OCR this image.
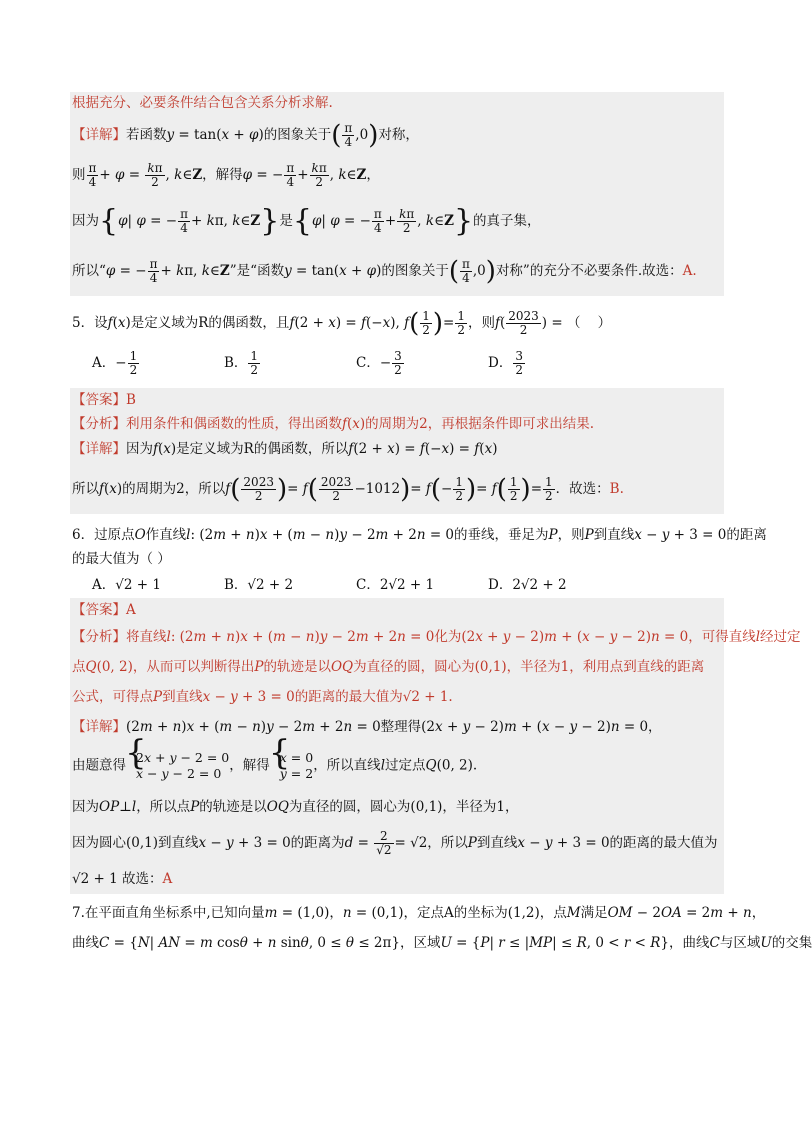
根据充分、必要条件结合包含关系分析求解.
【详解】若函数y = tan(x + φ)的图象关于( $\frac{\pi}{4} ,0$)对称，
则 $\frac{\pi}{4} + \varphi = \frac{k\pi}{2}$ , k∈Z，解得φ = − $\frac{\pi}{4} + \frac{k\pi}{2}$ , k∈Z，
因为{φ| φ = − $\frac{\pi}{4} + k\pi$, k∈Z}是{φ| φ = − $\frac{\pi}{4} + \frac{k\pi}{2}$ , k∈Z}的真子集，
所以“φ = − $\frac{\pi}{4} + k\pi$, k∈Z”是“函数y = tan(x + φ)的图象关于( $\frac{\pi}{4} ,0$)对称”的充分不必要条件.故选：A.
5．设f(x)是定义域为R的偶函数，且f(2 + x) = f(−x), $f( \frac{1}{2}$ )= $\frac{1}{2}$ ，则$f( \frac{2023}{2}$ ) = （    ）
A．− $\frac{1}{2}$	B． $\frac{1}{2}$	C．− $\frac{3}{2}$	D． $\frac{3}{2}$
【答案】B
【分析】利用条件和偶函数的性质，得出函数f(x)的周期为2，再根据条件即可求出结果.
【详解】因为f(x)是定义域为R的偶函数，所以f(2 + x) = f(−x) = f(x)
所以f(x)的周期为2，所以$f( \frac{2023}{2}$ )= $f( \frac{2023}{2} -1012)= f(- \frac{1}{2}$ )= $f( \frac{1}{2}$ )= $\frac{1}{2}$ ．故选：B.
6．过原点O作直线l: (2m + n)x + (m − n)y − 2m + 2n = 0的垂线，垂足为P，则P到直线x − y + 3 = 0的距离
的最大值为（ ）
A．√2 + 1	B．√2 + 2	C．2√2 + 1	D．2√2 + 2
【答案】A
【分析】将直线l: (2m + n)x + (m − n)y − 2m + 2n = 0化为(2x + y − 2)m + (x − y − 2)n = 0，可得直线l经过定
点Q(0, 2)，从而可以判断得出P的轨迹是以OQ为直径的圆，圆心为(0,1)，半径为1，利用点到直线的距离
公式，可得点P到直线x − y + 3 = 0的距离的最大值为√2 + 1.
【详解】(2m + n)x + (m − n)y − 2m + 2n = 0整理得(2x + y − 2)m + (x − y − 2)n = 0，
由题意得 { 2x + y − 2 = 0
x − y − 2 = 0 ，解得 { x = 0
y = 2 ，所以直线l过定点Q(0, 2).
因为OP⊥l，所以点P的轨迹是以OQ为直径的圆，圆心为(0,1)，半径为1，
因为圆心(0,1)到直线x − y + 3 = 0的距离为$d = \frac{2}{√2} = √2$，所以P到直线x − y + 3 = 0的距离的最大值为
√2 + 1 故选：A
7.在平面直角坐标系中,已知向量m = (1,0)，n = (0,1)，定点A的坐标为(1,2)，点M满足OM − 2OA = 2m + n，
曲线C = {N| AN = m cosθ + n sinθ, 0 ≤ θ ≤ 2π}，区域U = {P| r ≤ |MP| ≤ R, 0 < r < R}，曲线C与区域U的交集
